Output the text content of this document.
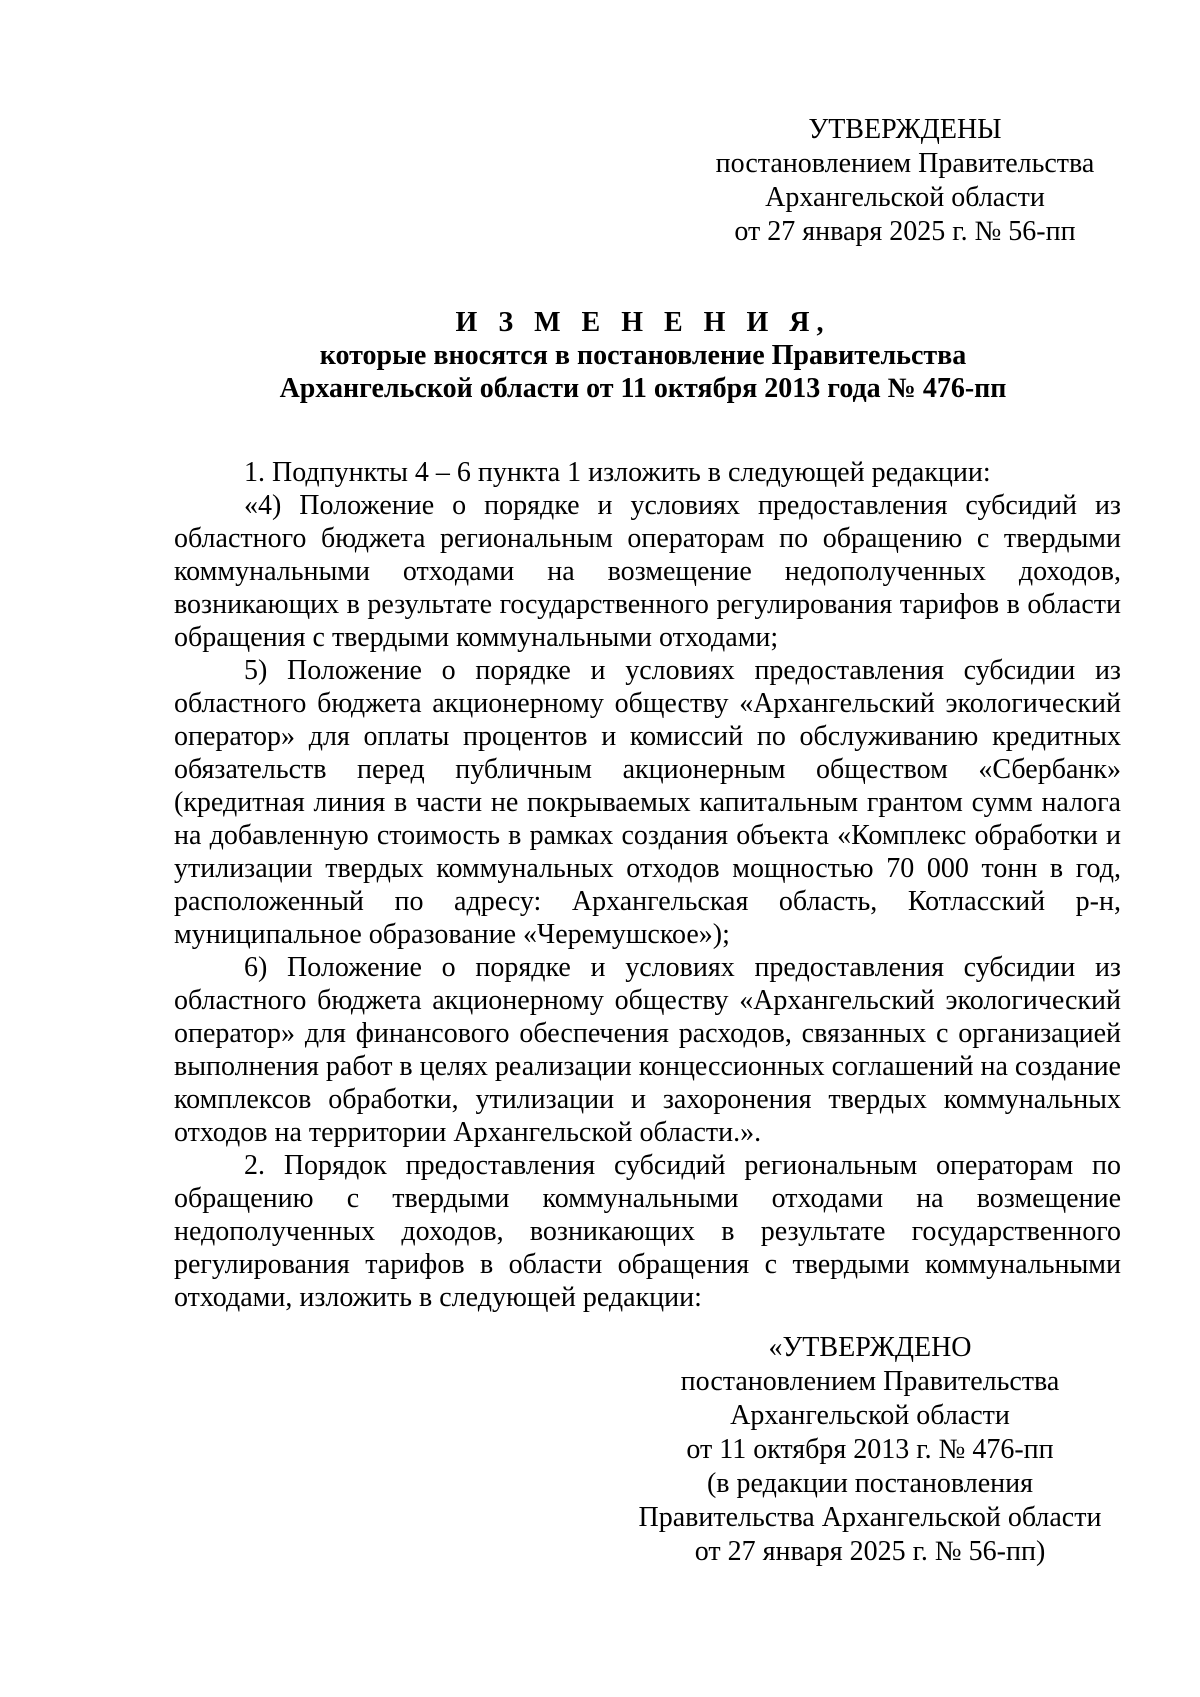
УТВЕРЖДЕНЫ
постановлением Правительства
Архангельской области
от 27 января 2025 г. № 56-пп
И З М Е Н Е Н И Я,
которые вносятся в постановление Правительства
Архангельской области от 11 октября 2013 года № 476-пп

1. Подпункты 4 – 6 пункта 1 изложить в следующей редакции:

«4) Положение о порядке и условиях предоставления субсидий из областного бюджета региональным операторам по обращению с твердыми коммунальными отходами на возмещение недополученных доходов, возникающих в результате государственного регулирования тарифов в области обращения с твердыми коммунальными отходами;

5) Положение о порядке и условиях предоставления субсидии из областного бюджета акционерному обществу «Архангельский экологический оператор» для оплаты процентов и комиссий по обслуживанию кредитных обязательств перед публичным акционерным обществом «Сбербанк» (кредитная линия в части не покрываемых капитальным грантом сумм налога на добавленную стоимость в рамках создания объекта «Комплекс обработки и утилизации твердых коммунальных отходов мощностью 70 000 тонн в год, расположенный по адресу: Архангельская область, Котласский р-н, муниципальное образование «Черемушское»);

6) Положение о порядке и условиях предоставления субсидии из областного бюджета акционерному обществу «Архангельский экологический оператор» для финансового обеспечения расходов, связанных с организацией выполнения работ в целях реализации концессионных соглашений на создание комплексов обработки, утилизации и захоронения твердых коммунальных отходов на территории Архангельской области.».

2. Порядок предоставления субсидий региональным операторам по обращению с твердыми коммунальными отходами на возмещение недополученных доходов, возникающих в результате государственного регулирования тарифов в области обращения с твердыми коммунальными отходами, изложить в следующей редакции:

«УТВЕРЖДЕНО
постановлением Правительства
Архангельской области
от 11 октября 2013 г. № 476-пп
(в редакции постановления
Правительства Архангельской области
от 27 января 2025 г. № 56-пп)
